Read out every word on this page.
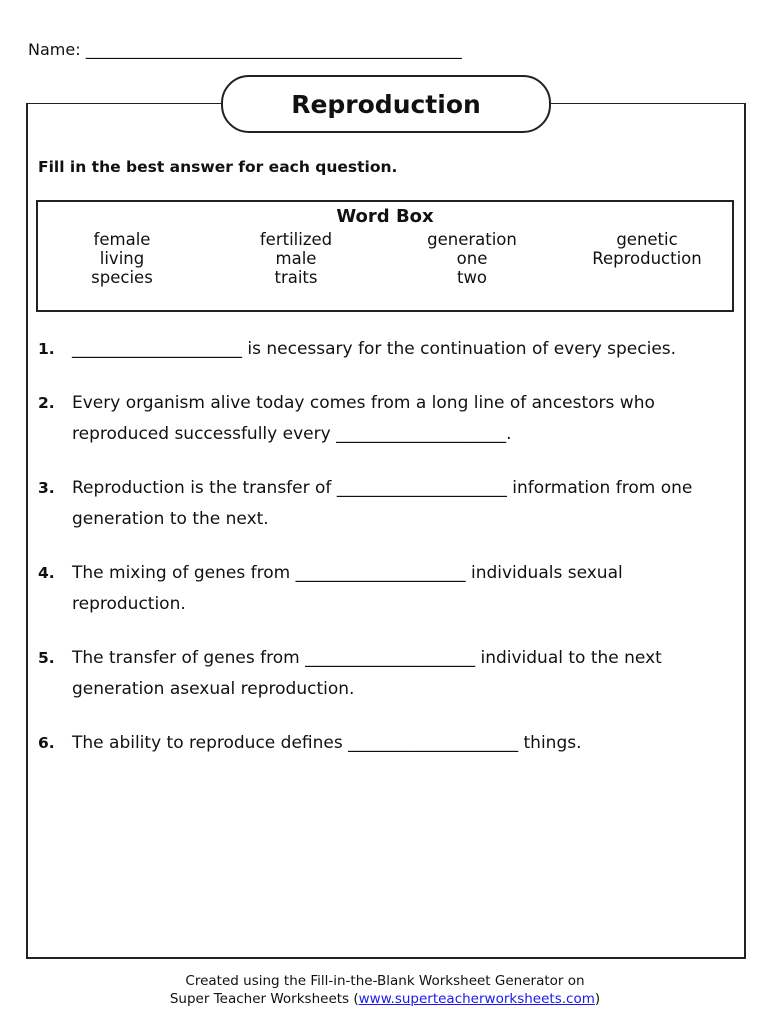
Name: _______________________________________________
Reproduction
Fill in the best answer for each question.
Word Box
female
living
species
fertilized
male
traits
generation
one
two
genetic
Reproduction
1. ____________________ is necessary for the continuation of every species.
2. Every organism alive today comes from a long line of ancestors who reproduced successfully every ____________________.
3. Reproduction is the transfer of ____________________ information from one generation to the next.
4. The mixing of genes from ____________________ individuals sexual reproduction.
5. The transfer of genes from ____________________ individual to the next generation asexual reproduction.
6. The ability to reproduce defines ____________________ things.
Created using the Fill-in-the-Blank Worksheet Generator on
Super Teacher Worksheets (www.superteacherworksheets.com)
